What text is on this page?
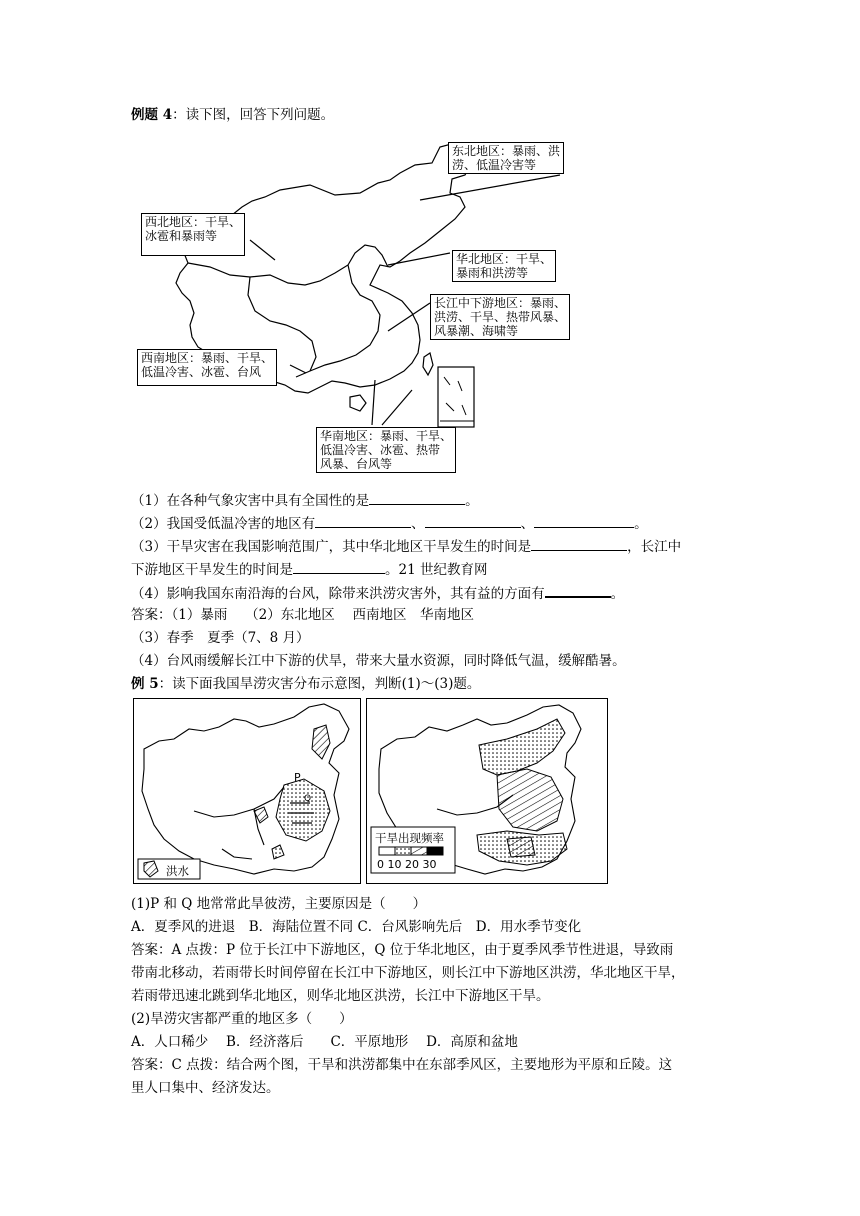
例题 4：读下图，回答下列问题。
东北地区：暴雨、洪
涝、低温冷害等
西北地区：干旱、
冰雹和暴雨等
华北地区：干旱、
暴雨和洪涝等
长江中下游地区：暴雨、
洪涝、干旱、热带风暴、
风暴潮、海啸等
西南地区：暴雨、干旱、
低温冷害、冰雹、台风
华南地区：暴雨、干旱、
低温冷害、冰雹、热带
风暴、台风等
（1）在各种气象灾害中具有全国性的是	。
（2）我国受低温冷害的地区有	、	、	。
（3）干旱灾害在我国影响范围广，其中华北地区干旱发生的时间是	，长江中
下游地区干旱发生的时间是	。21 世纪教育网
（4）影响我国东南沿海的台风，除带来洪涝灾害外，其有益的方面有	。
答案：（1）暴雨　 （2）东北地区　 西南地区　华南地区
（3）春季　夏季（7、8 月）
（4）台风雨缓解长江中下游的伏旱，带来大量水资源，同时降低气温，缓解酷暑。
例 5：读下面我国旱涝灾害分布示意图，判断(1)～(3)题。
P
Q
洪水
干旱出现频率
0 10 20 30
(1)P 和 Q 地常常此旱彼涝，主要原因是（　　）
A．夏季风的进退　B．海陆位置不同 C．台风影响先后　D．用水季节变化
答案：A 点拨：P 位于长江中下游地区，Q 位于华北地区，由于夏季风季节性进退，导致雨
带南北移动，若雨带长时间停留在长江中下游地区，则长江中下游地区洪涝，华北地区干旱，
若雨带迅速北跳到华北地区，则华北地区洪涝，长江中下游地区干旱。
(2)旱涝灾害都严重的地区多（　　）
A．人口稀少　 B．经济落后　　C．平原地形　 D．高原和盆地
答案：C 点拨：结合两个图，干旱和洪涝都集中在东部季风区，主要地形为平原和丘陵。这
里人口集中、经济发达。
